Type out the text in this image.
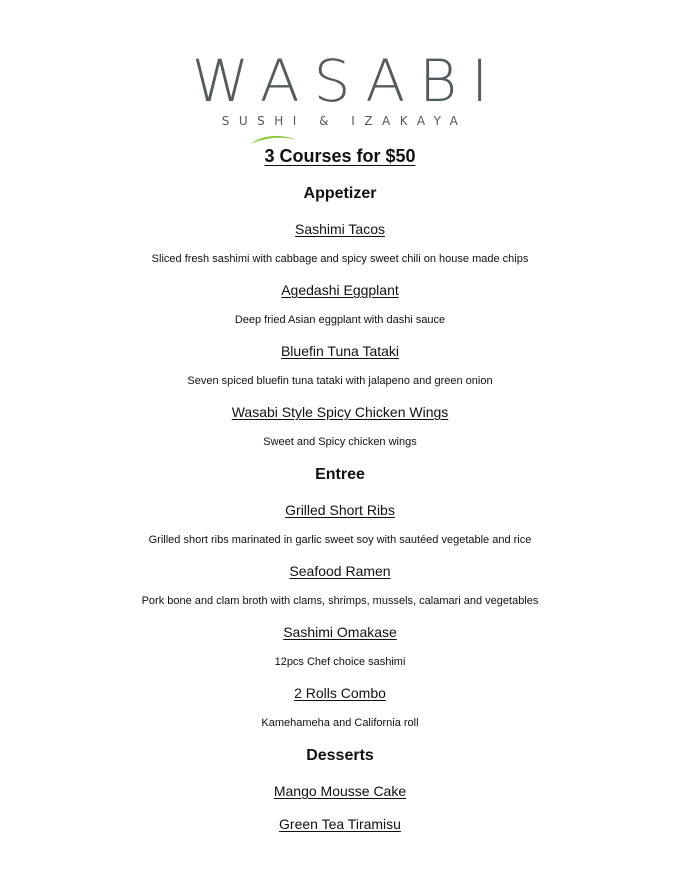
WASABI
SUSHI & IZAKAYA
3 Courses for $50
Appetizer
Sashimi Tacos
Sliced fresh sashimi with cabbage and spicy sweet chili on house made chips
Agedashi Eggplant
Deep fried Asian eggplant with dashi sauce
Bluefin Tuna Tataki
Seven spiced bluefin tuna tataki with jalapeno and green onion
Wasabi Style Spicy Chicken Wings
Sweet and Spicy chicken wings
Entree
Grilled Short Ribs
Grilled short ribs marinated in garlic sweet soy with sautéed vegetable and rice
Seafood Ramen
Pork bone and clam broth with clams, shrimps, mussels, calamari and vegetables
Sashimi Omakase
12pcs Chef choice sashimi
2 Rolls Combo
Kamehameha and California roll
Desserts
Mango Mousse Cake
Green Tea Tiramisu
